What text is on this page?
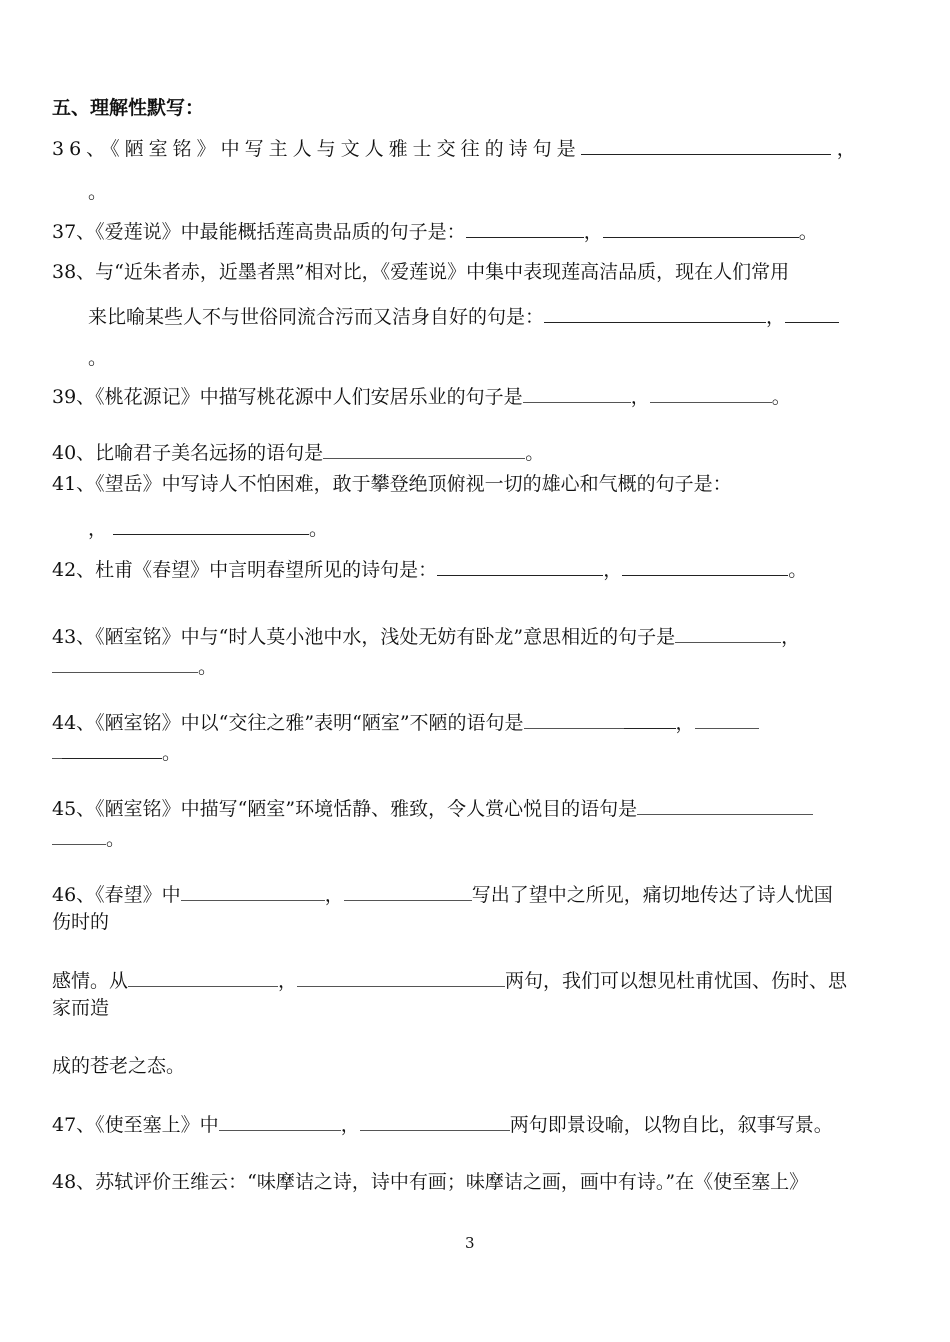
五、理解性默写：
36、《陋室铭》中写主人与文人雅士交往的诗句是	，
。
37、《爱莲说》中最能概括莲高贵品质的句子是：	，	。
38、与“近朱者赤，近墨者黑”相对比，《爱莲说》中集中表现莲高洁品质，现在人们常用
来比喻某些人不与世俗同流合污而又洁身自好的句是：	，
。
39、《桃花源记》中描写桃花源中人们安居乐业的句子是	，	。
40、比喻君子美名远扬的语句是	。
41、《望岳》中写诗人不怕困难，敢于攀登绝顶俯视一切的雄心和气概的句子是：
，	。
42、杜甫《春望》中言明春望所见的诗句是：	，	。
43、《陋室铭》中与“时人莫小池中水，浅处无妨有卧龙”意思相近的句子是	，
。
44、《陋室铭》中以“交往之雅”表明“陋室”不陋的语句是	，
。
45、《陋室铭》中描写“陋室”环境恬静、雅致，令人赏心悦目的语句是
。
46、《春望》中	，	写出了望中之所见，痛切地传达了诗人忧国
伤时的
感情。从	，	两句，我们可以想见杜甫忧国、伤时、思
家而造
成的苍老之态。
47、《使至塞上》中	，	两句即景设喻，以物自比，叙事写景。
48、苏轼评价王维云：“味摩诘之诗，诗中有画；味摩诘之画，画中有诗。”在《使至塞上》
3
